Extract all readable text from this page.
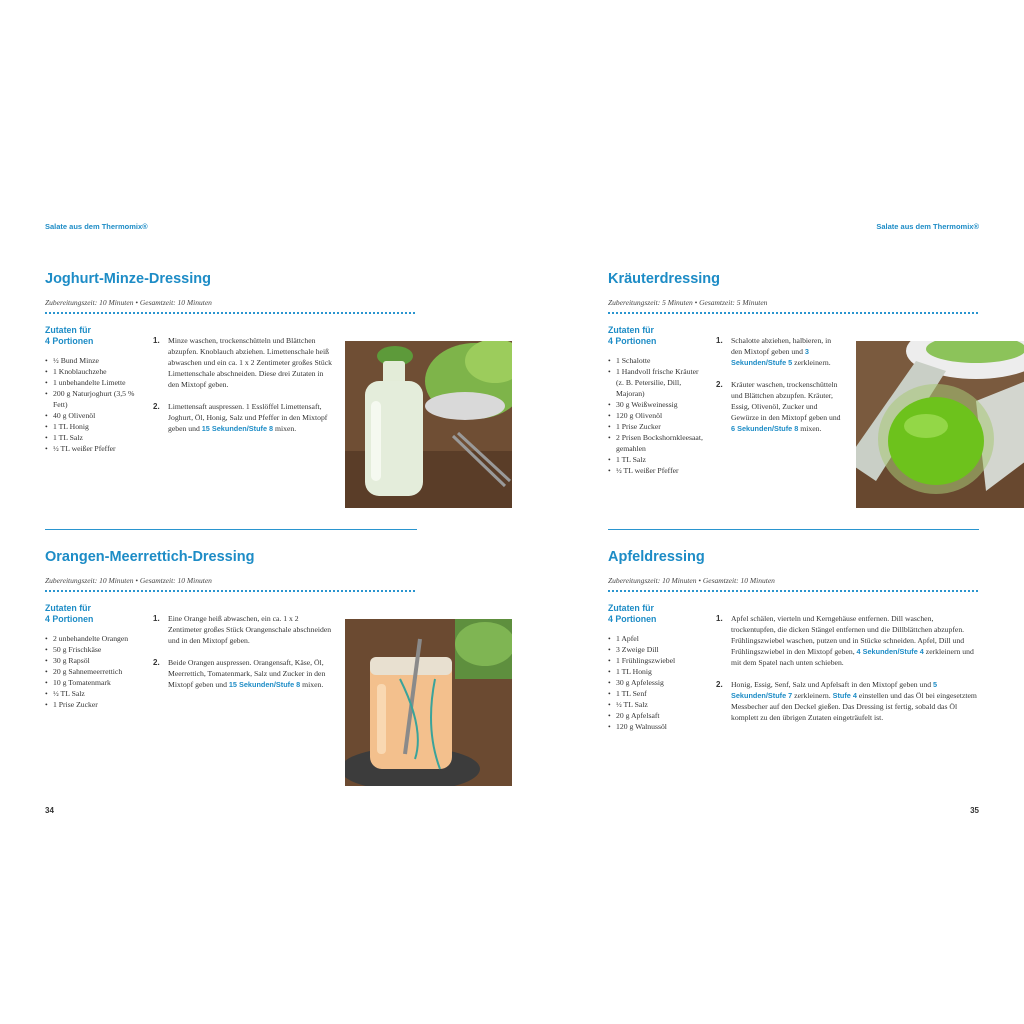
Salate aus dem Thermomix®	Salate aus dem Thermomix®
Joghurt-Minze-Dressing
Zubereitungszeit: 10 Minuten • Gesamtzeit: 10 Minuten
Zutaten für
4 Portionen
• ½ Bund Minze
• 1 Knoblauchzehe
• 1 unbehandelte Limette
• 200 g Naturjoghurt (3,5 % Fett)
• 40 g Olivenöl
• 1 TL Honig
• 1 TL Salz
• ½ TL weißer Pfeffer
1. Minze waschen, trockenschütteln und Blättchen abzupfen. Knoblauch abziehen. Limettenschale heiß abwaschen und ein ca. 1 x 2 Zentimeter großes Stück Limettenschale abschneiden. Diese drei Zutaten in den Mixtopf geben.
2. Limettensaft auspressen. 1 Esslöffel Limettensaft, Joghurt, Öl, Honig, Salz und Pfeffer in den Mixtopf geben und 15 Sekunden/Stufe 8 mixen.
Orangen-Meerrettich-Dressing
Zubereitungszeit: 10 Minuten • Gesamtzeit: 10 Minuten
Zutaten für
4 Portionen
• 2 unbehandelte Orangen
• 50 g Frischkäse
• 30 g Rapsöl
• 20 g Sahnemeerrettich
• 10 g Tomatenmark
• ½ TL Salz
• 1 Prise Zucker
1. Eine Orange heiß abwaschen, ein ca. 1 x 2 Zentimeter großes Stück Orangenschale abschneiden und in den Mixtopf geben.
2. Beide Orangen auspressen. Orangensaft, Käse, Öl, Meerrettich, Tomatenmark, Salz und Zucker in den Mixtopf geben und 15 Sekunden/Stufe 8 mixen.
Kräuterdressing
Zubereitungszeit: 5 Minuten • Gesamtzeit: 5 Minuten
Zutaten für
4 Portionen
• 1 Schalotte
• 1 Handvoll frische Kräuter (z. B. Petersilie, Dill, Majoran)
• 30 g Weißweinessig
• 120 g Olivenöl
• 1 Prise Zucker
• 2 Prisen Bockshornkleesaat, gemahlen
• 1 TL Salz
• ½ TL weißer Pfeffer
1. Schalotte abziehen, halbieren, in den Mixtopf geben und 3 Sekunden/Stufe 5 zerkleinern.
2. Kräuter waschen, trockenschütteln und Blättchen abzupfen. Kräuter, Essig, Olivenöl, Zucker und Gewürze in den Mixtopf geben und 6 Sekunden/Stufe 8 mixen.
Apfeldressing
Zubereitungszeit: 10 Minuten • Gesamtzeit: 10 Minuten
Zutaten für
4 Portionen
• 1 Apfel
• 3 Zweige Dill
• 1 Frühlingszwiebel
• 1 TL Honig
• 30 g Apfelessig
• 1 TL Senf
• ½ TL Salz
• 20 g Apfelsaft
• 120 g Walnussöl
1. Apfel schälen, vierteln und Kerngehäuse entfernen. Dill waschen, trockentupfen, die dicken Stängel entfernen und die Dillblättchen abzupfen. Frühlingszwiebel waschen, putzen und in Stücke schneiden. Apfel, Dill und Frühlingszwiebel in den Mixtopf geben, 4 Sekunden/Stufe 4 zerkleinern und mit dem Spatel nach unten schieben.
2. Honig, Essig, Senf, Salz und Apfelsaft in den Mixtopf geben und 5 Sekunden/Stufe 7 zerkleinern. Stufe 4 einstellen und das Öl bei eingesetztem Messbecher auf den Deckel gießen. Das Dressing ist fertig, sobald das Öl komplett zu den übrigen Zutaten eingeträufelt ist.
34	35
